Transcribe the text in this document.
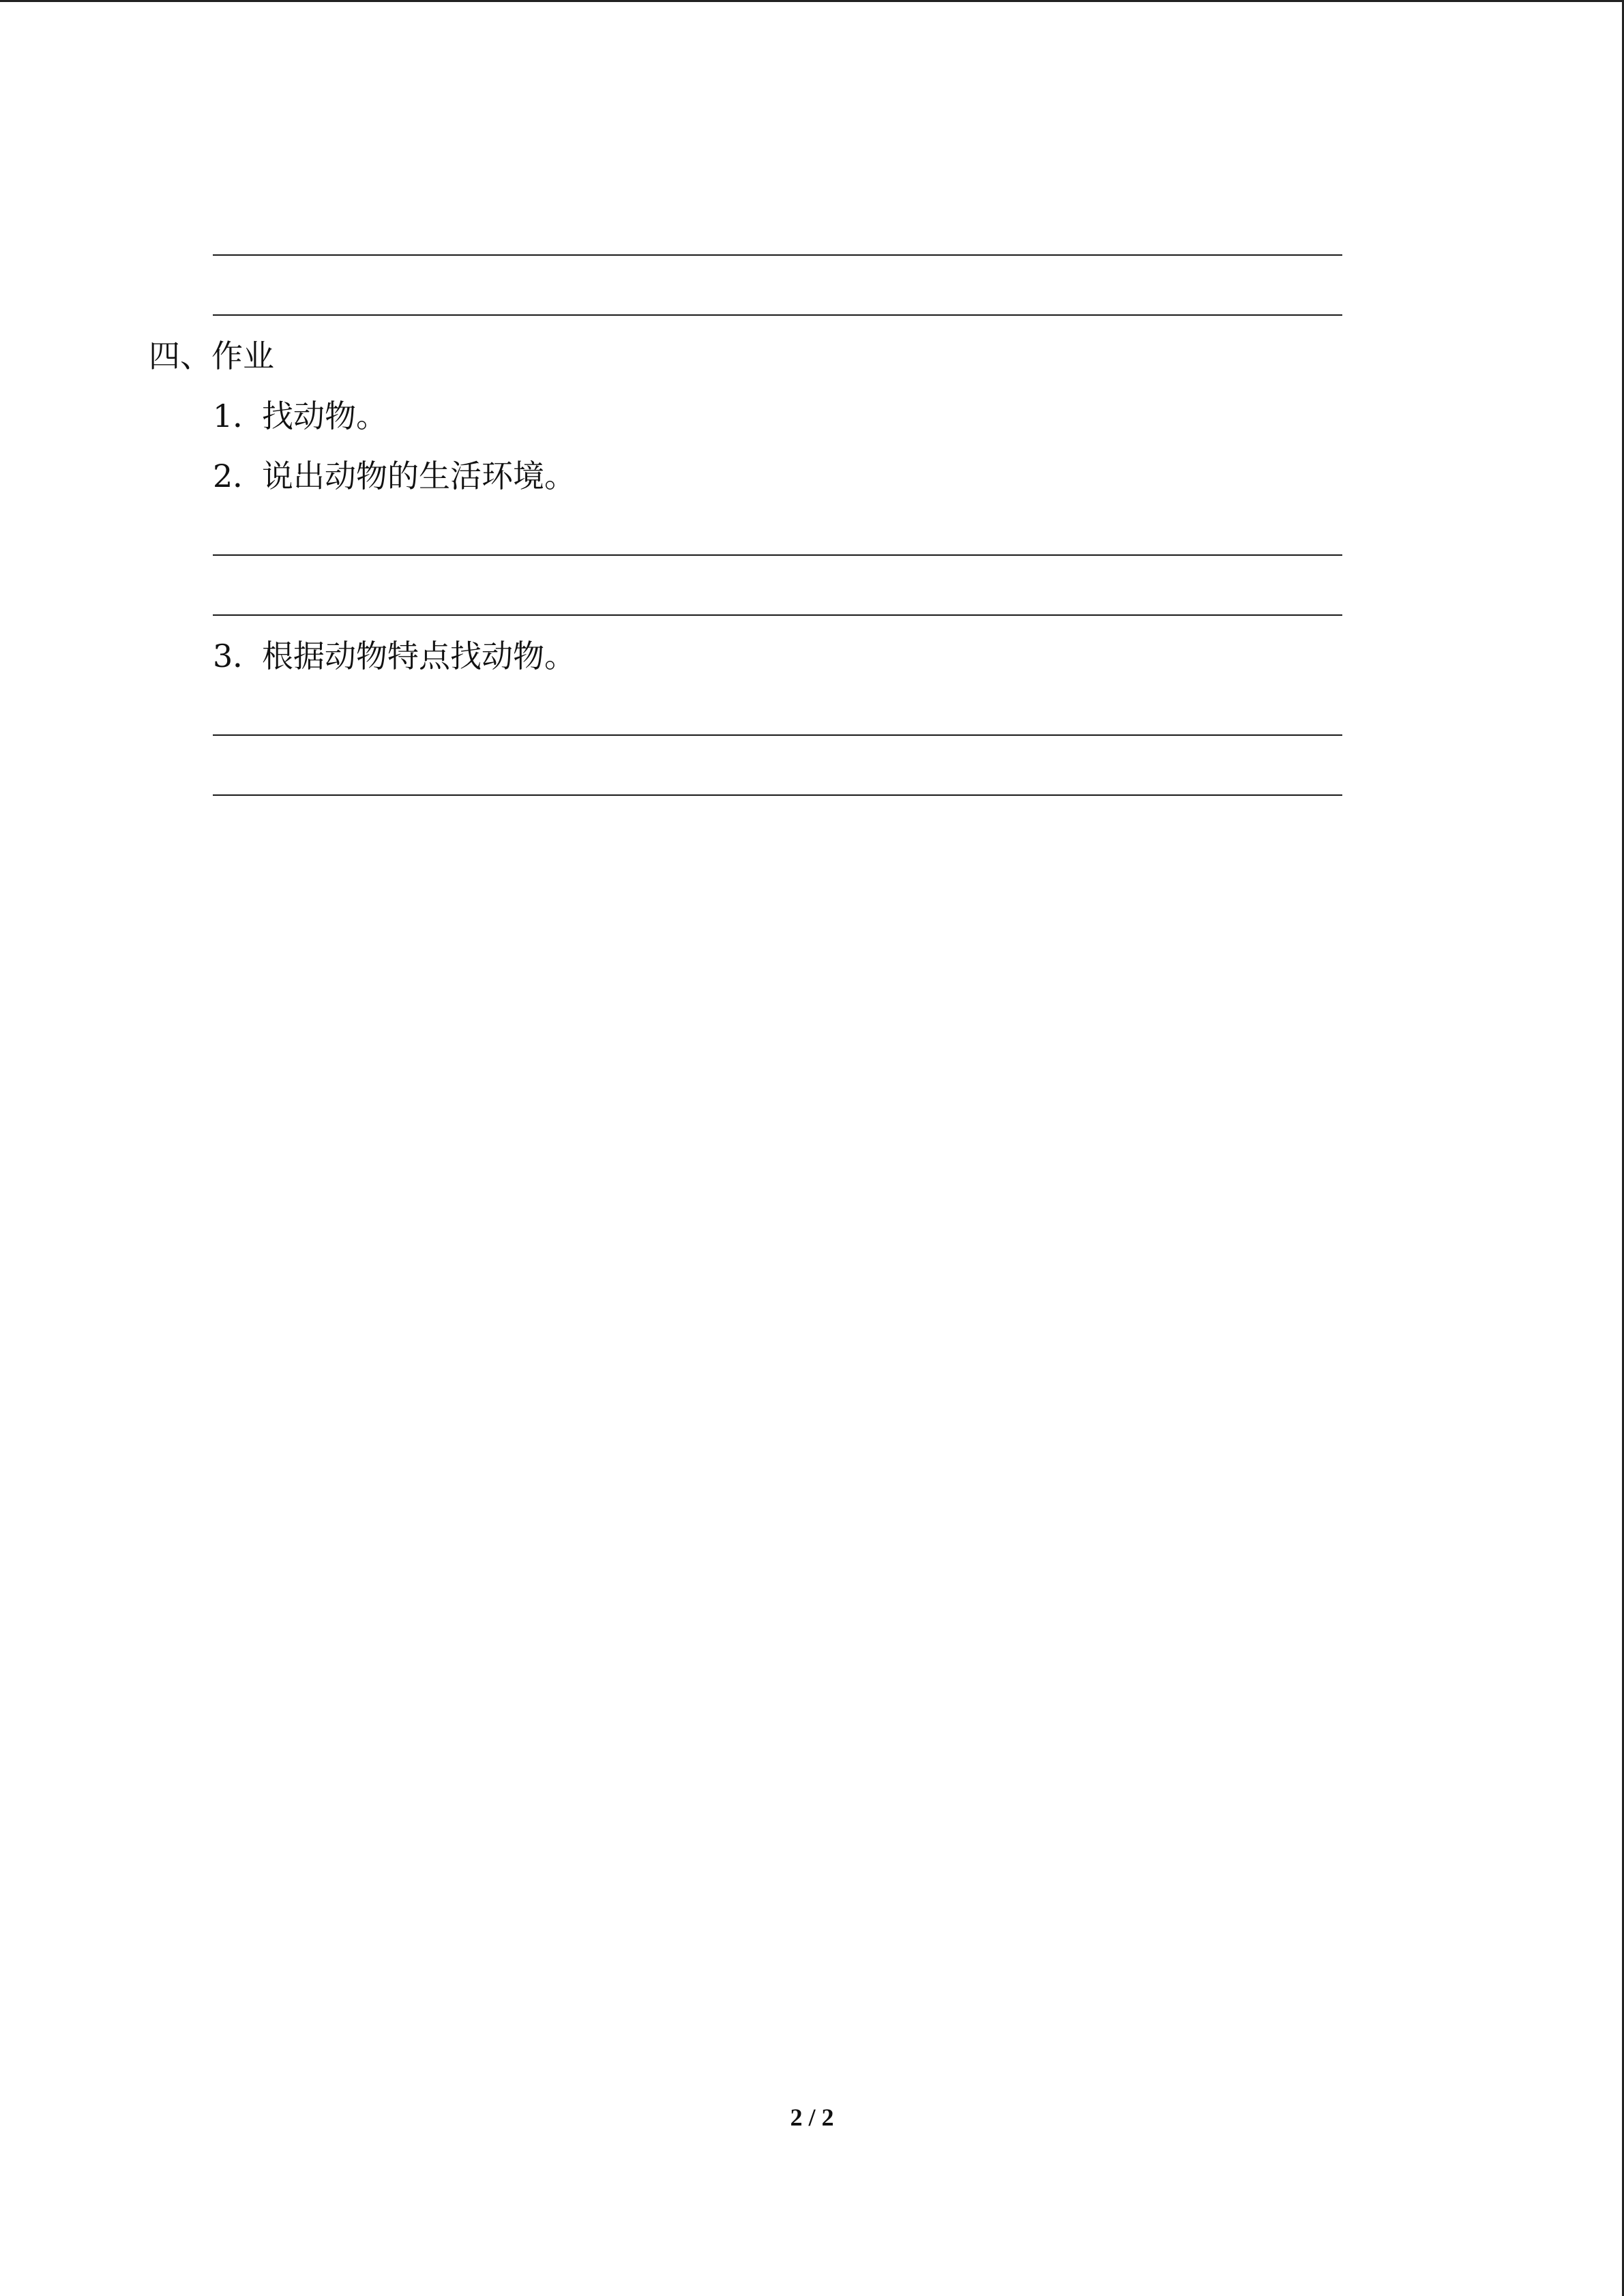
四、作业
1．找动物。
2．说出动物的生活环境。
3．根据动物特点找动物。
2 / 2
